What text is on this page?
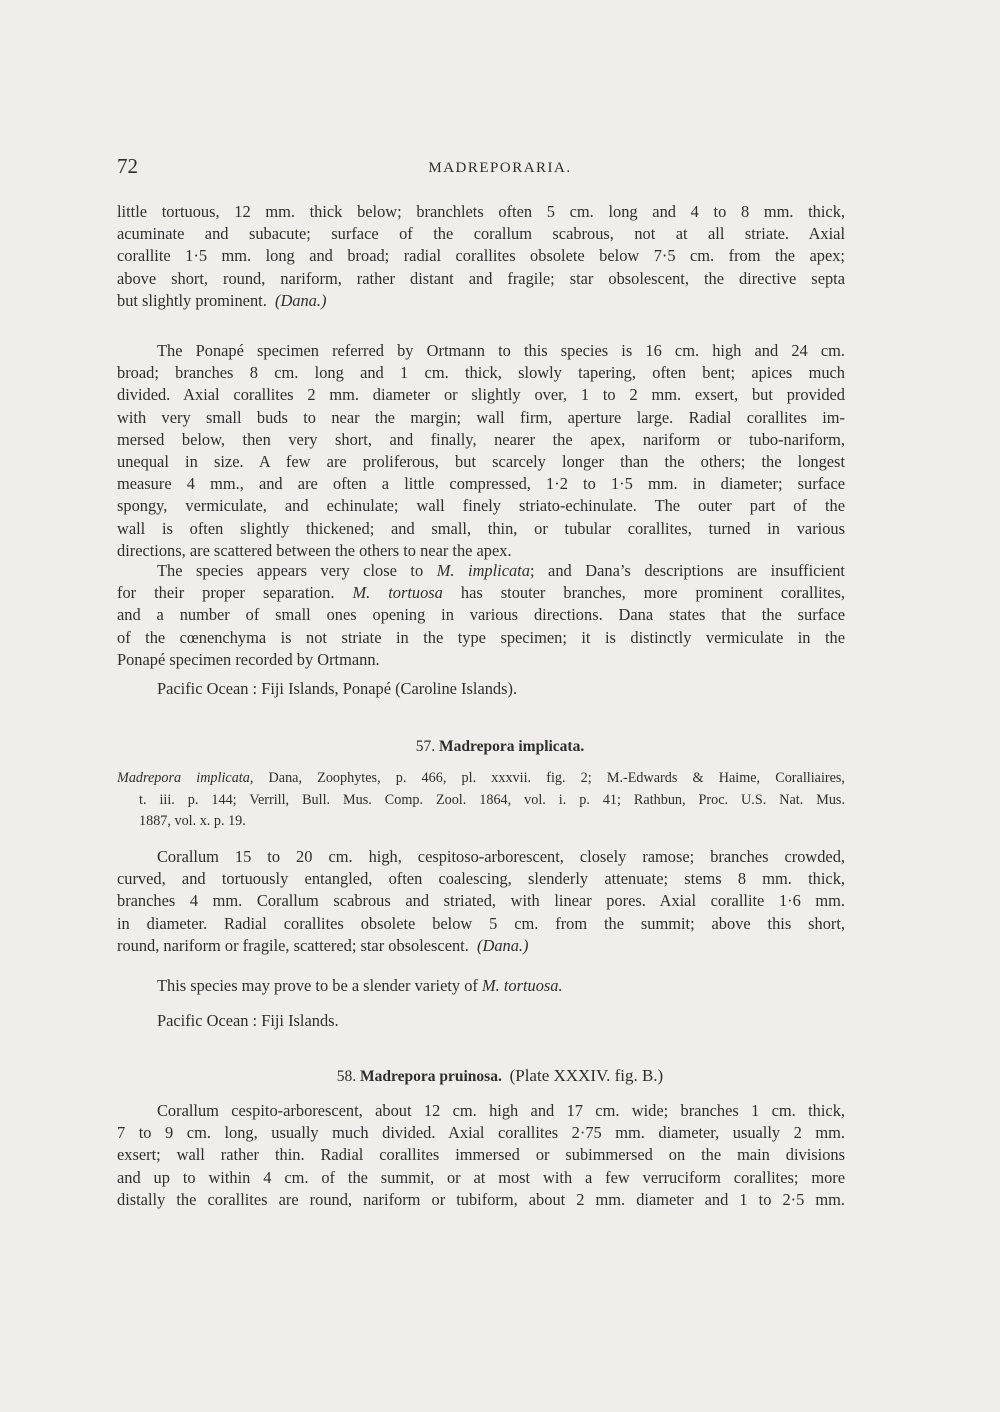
72	MADREPORARIA.
little tortuous, 12 mm. thick below; branchlets often 5 cm. long and 4 to 8 mm. thick,
acuminate and subacute; surface of the corallum scabrous, not at all striate. Axial
corallite 1·5 mm. long and broad; radial corallites obsolete below 7·5 cm. from the apex;
above short, round, nariform, rather distant and fragile; star obsolescent, the directive septa
but slightly prominent. (Dana.)
The Ponapé specimen referred by Ortmann to this species is 16 cm. high and 24 cm.
broad; branches 8 cm. long and 1 cm. thick, slowly tapering, often bent; apices much
divided. Axial corallites 2 mm. diameter or slightly over, 1 to 2 mm. exsert, but provided
with very small buds to near the margin; wall firm, aperture large. Radial corallites im-
mersed below, then very short, and finally, nearer the apex, nariform or tubo-nariform,
unequal in size. A few are proliferous, but scarcely longer than the others; the longest
measure 4 mm., and are often a little compressed, 1·2 to 1·5 mm. in diameter; surface
spongy, vermiculate, and echinulate; wall finely striato-echinulate. The outer part of the
wall is often slightly thickened; and small, thin, or tubular corallites, turned in various
directions, are scattered between the others to near the apex.
The species appears very close to M. implicata; and Dana’s descriptions are insufficient
for their proper separation. M. tortuosa has stouter branches, more prominent corallites,
and a number of small ones opening in various directions. Dana states that the surface
of the cœnenchyma is not striate in the type specimen; it is distinctly vermiculate in the
Ponapé specimen recorded by Ortmann.
Pacific Ocean : Fiji Islands, Ponapé (Caroline Islands).
57. Madrepora implicata.
Madrepora implicata, Dana, Zoophytes, p. 466, pl. xxxvii. fig. 2; M.-Edwards & Haime, Coralliaires,
t. iii. p. 144; Verrill, Bull. Mus. Comp. Zool. 1864, vol. i. p. 41; Rathbun, Proc. U.S. Nat. Mus.
1887, vol. x. p. 19.
Corallum 15 to 20 cm. high, cespitoso-arborescent, closely ramose; branches crowded,
curved, and tortuously entangled, often coalescing, slenderly attenuate; stems 8 mm. thick,
branches 4 mm. Corallum scabrous and striated, with linear pores. Axial corallite 1·6 mm.
in diameter. Radial corallites obsolete below 5 cm. from the summit; above this short,
round, nariform or fragile, scattered; star obsolescent. (Dana.)
This species may prove to be a slender variety of M. tortuosa.
Pacific Ocean : Fiji Islands.
58. Madrepora pruinosa. (Plate XXXIV. fig. B.)
Corallum cespito-arborescent, about 12 cm. high and 17 cm. wide; branches 1 cm. thick,
7 to 9 cm. long, usually much divided. Axial corallites 2·75 mm. diameter, usually 2 mm.
exsert; wall rather thin. Radial corallites immersed or subimmersed on the main divisions
and up to within 4 cm. of the summit, or at most with a few verruciform corallites; more
distally the corallites are round, nariform or tubiform, about 2 mm. diameter and 1 to 2·5 mm.
